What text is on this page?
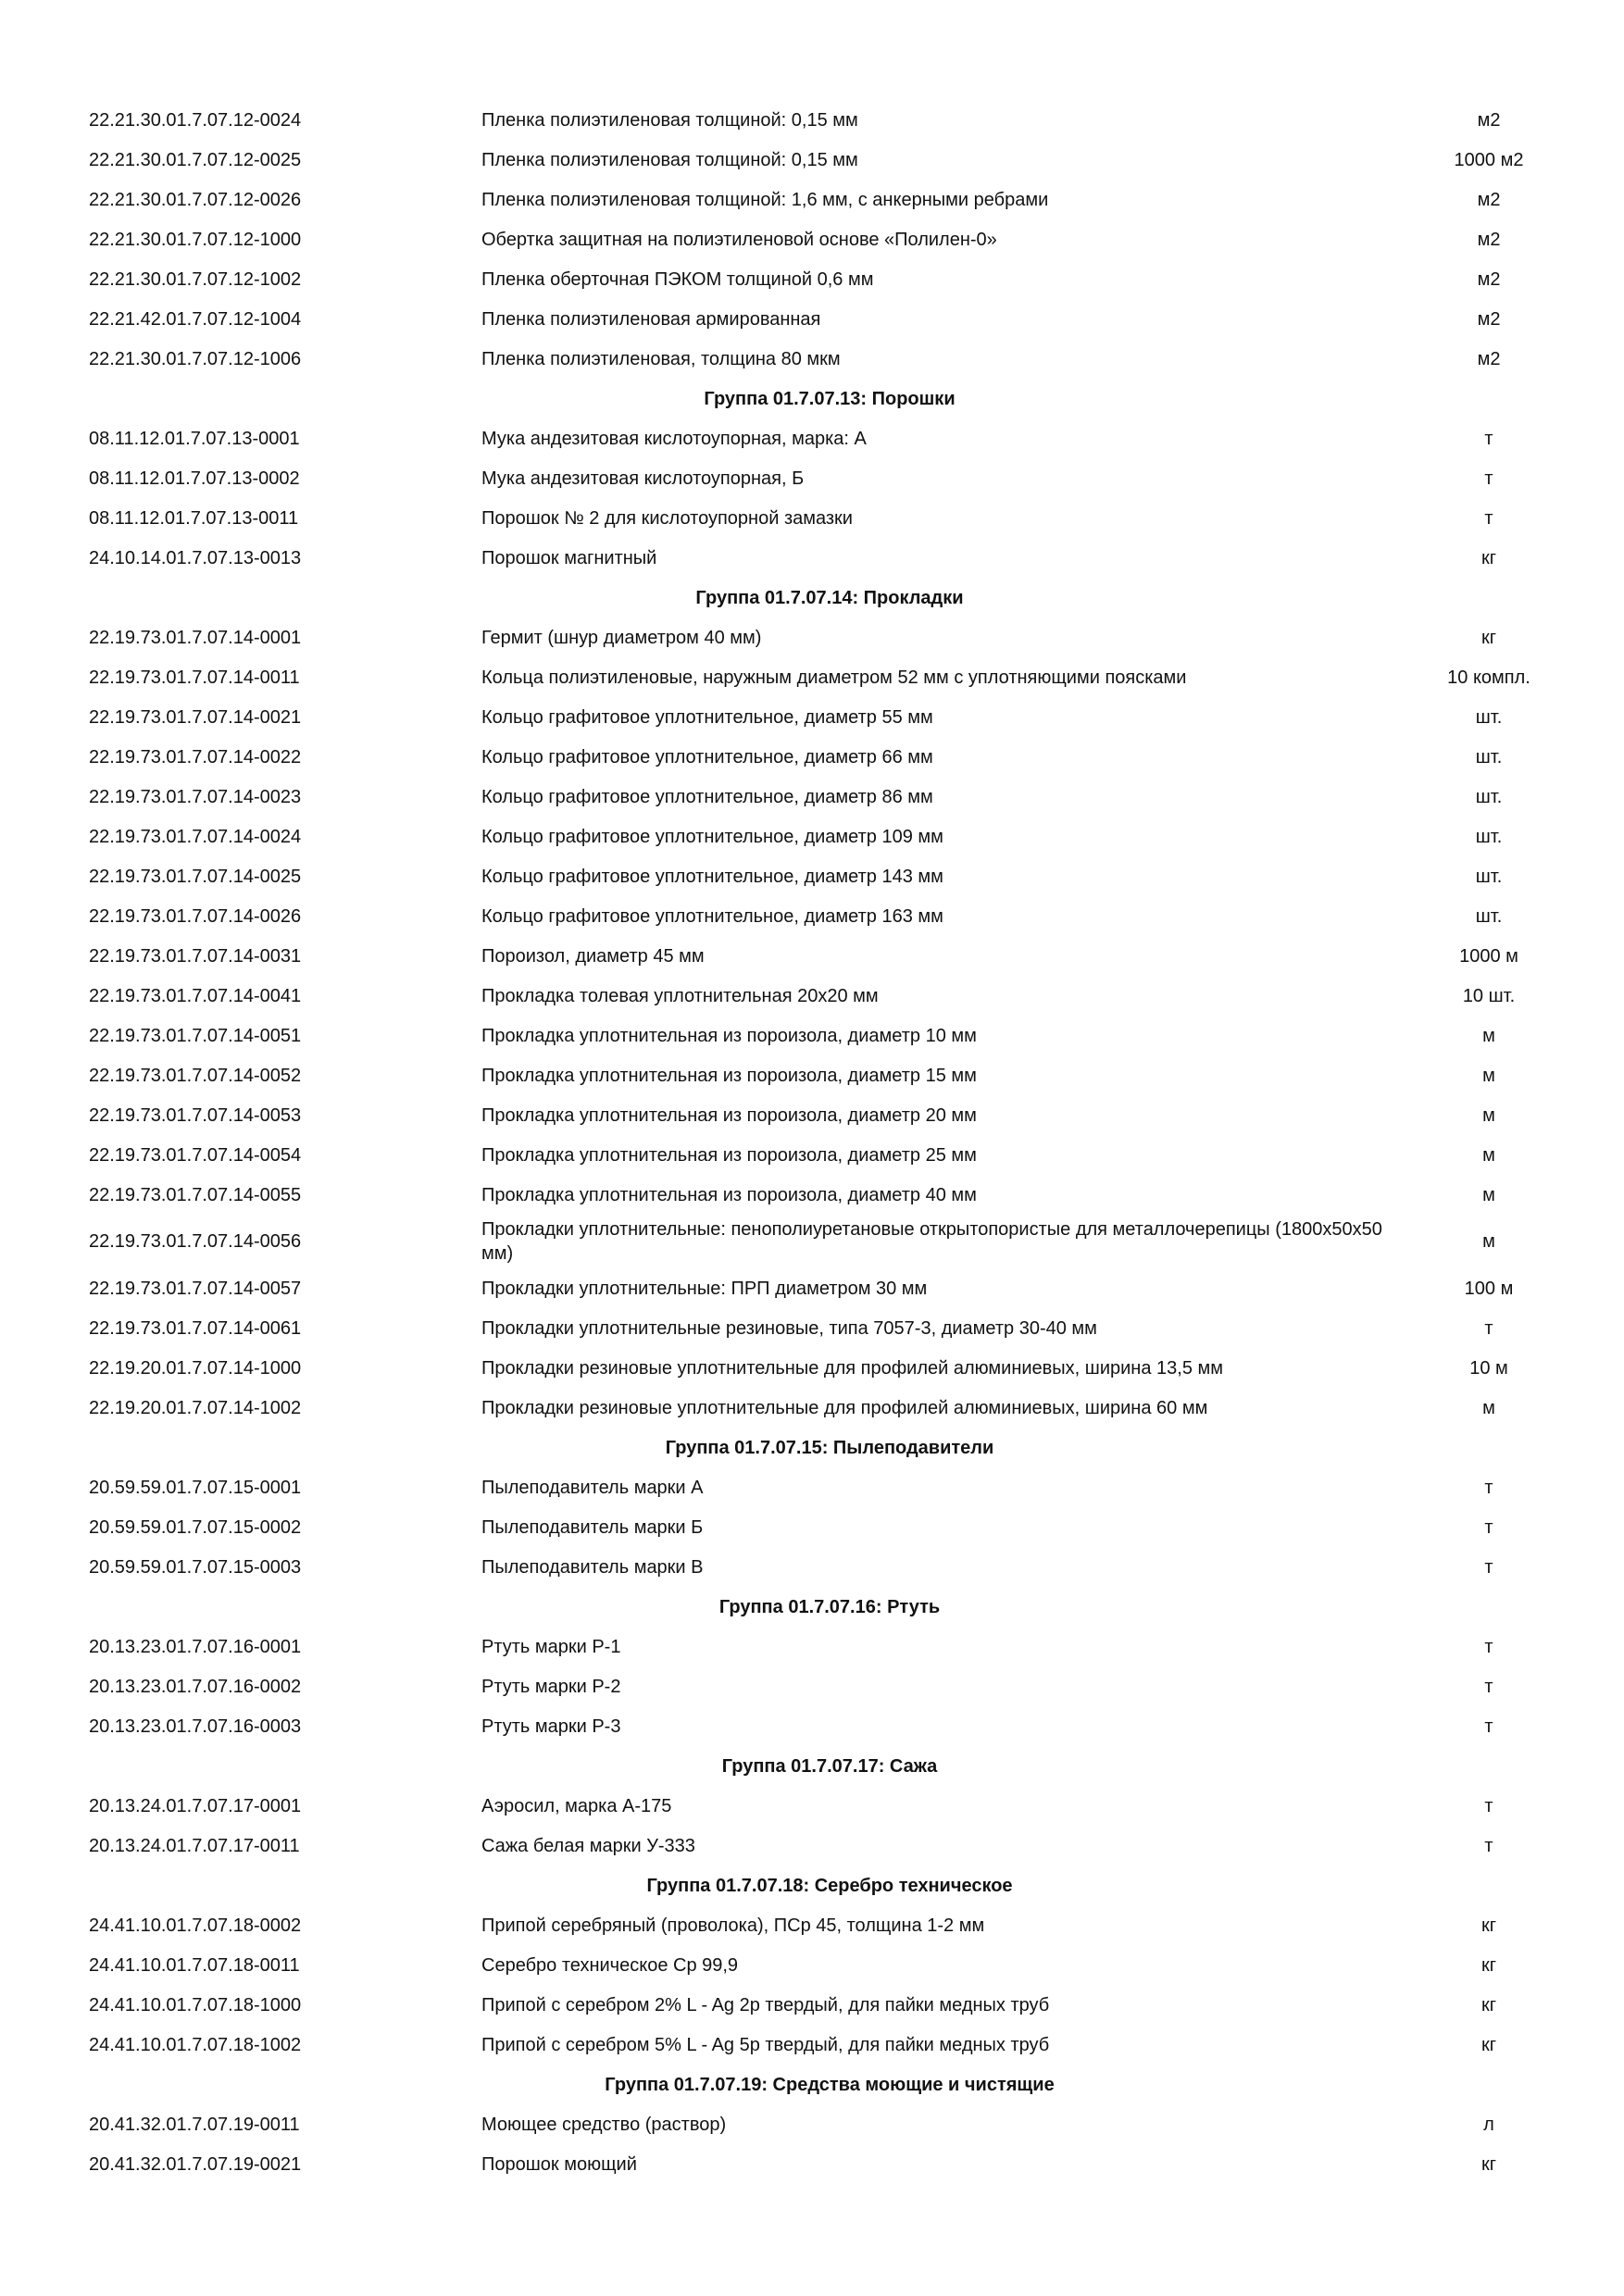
22.21.30.01.7.07.12-0024	Пленка полиэтиленовая толщиной: 0,15 мм	м2
22.21.30.01.7.07.12-0025	Пленка полиэтиленовая толщиной: 0,15 мм	1000 м2
22.21.30.01.7.07.12-0026	Пленка полиэтиленовая толщиной: 1,6 мм, с анкерными ребрами	м2
22.21.30.01.7.07.12-1000	Обертка защитная на полиэтиленовой основе «Полилен-0»	м2
22.21.30.01.7.07.12-1002	Пленка оберточная ПЭКОМ толщиной 0,6 мм	м2
22.21.42.01.7.07.12-1004	Пленка полиэтиленовая армированная	м2
22.21.30.01.7.07.12-1006	Пленка полиэтиленовая, толщина 80 мкм	м2
Группа 01.7.07.13: Порошки		
08.11.12.01.7.07.13-0001	Мука андезитовая кислотоупорная, марка: А	т
08.11.12.01.7.07.13-0002	Мука андезитовая кислотоупорная, Б	т
08.11.12.01.7.07.13-0011	Порошок № 2 для кислотоупорной замазки	т
24.10.14.01.7.07.13-0013	Порошок магнитный	кг
Группа 01.7.07.14: Прокладки		
22.19.73.01.7.07.14-0001	Гермит (шнур диаметром 40 мм)	кг
22.19.73.01.7.07.14-0011	Кольца полиэтиленовые, наружным диаметром 52 мм с уплотняющими поясками	10 компл.
22.19.73.01.7.07.14-0021	Кольцо графитовое уплотнительное, диаметр 55 мм	шт.
22.19.73.01.7.07.14-0022	Кольцо графитовое уплотнительное, диаметр 66 мм	шт.
22.19.73.01.7.07.14-0023	Кольцо графитовое уплотнительное, диаметр 86 мм	шт.
22.19.73.01.7.07.14-0024	Кольцо графитовое уплотнительное, диаметр 109 мм	шт.
22.19.73.01.7.07.14-0025	Кольцо графитовое уплотнительное, диаметр 143 мм	шт.
22.19.73.01.7.07.14-0026	Кольцо графитовое уплотнительное, диаметр 163 мм	шт.
22.19.73.01.7.07.14-0031	Пороизол, диаметр 45 мм	1000 м
22.19.73.01.7.07.14-0041	Прокладка толевая уплотнительная 20х20 мм	10 шт.
22.19.73.01.7.07.14-0051	Прокладка уплотнительная из пороизола, диаметр 10 мм	м
22.19.73.01.7.07.14-0052	Прокладка уплотнительная из пороизола, диаметр 15 мм	м
22.19.73.01.7.07.14-0053	Прокладка уплотнительная из пороизола, диаметр 20 мм	м
22.19.73.01.7.07.14-0054	Прокладка уплотнительная из пороизола, диаметр 25 мм	м
22.19.73.01.7.07.14-0055	Прокладка уплотнительная из пороизола, диаметр 40 мм	м
22.19.73.01.7.07.14-0056	Прокладки уплотнительные: пенополиуретановые открытопористые для металлочерепицы (1800х50х50 мм)	м
22.19.73.01.7.07.14-0057	Прокладки уплотнительные: ПРП диаметром 30 мм	100 м
22.19.73.01.7.07.14-0061	Прокладки уплотнительные резиновые, типа 7057-3, диаметр 30-40 мм	т
22.19.20.01.7.07.14-1000	Прокладки резиновые уплотнительные для профилей алюминиевых, ширина 13,5 мм	10 м
22.19.20.01.7.07.14-1002	Прокладки резиновые уплотнительные для профилей алюминиевых, ширина 60 мм	м
Группа 01.7.07.15: Пылеподавители		
20.59.59.01.7.07.15-0001	Пылеподавитель марки А	т
20.59.59.01.7.07.15-0002	Пылеподавитель марки Б	т
20.59.59.01.7.07.15-0003	Пылеподавитель марки В	т
Группа 01.7.07.16: Ртуть		
20.13.23.01.7.07.16-0001	Ртуть марки Р-1	т
20.13.23.01.7.07.16-0002	Ртуть марки Р-2	т
20.13.23.01.7.07.16-0003	Ртуть марки Р-3	т
Группа 01.7.07.17: Сажа		
20.13.24.01.7.07.17-0001	Аэросил, марка А-175	т
20.13.24.01.7.07.17-0011	Сажа белая марки У-333	т
Группа 01.7.07.18: Серебро техническое		
24.41.10.01.7.07.18-0002	Припой серебряный (проволока), ПСр 45, толщина 1-2 мм	кг
24.41.10.01.7.07.18-0011	Серебро техническое Ср 99,9	кг
24.41.10.01.7.07.18-1000	Припой с серебром 2% L - Ag 2p твердый, для пайки медных труб	кг
24.41.10.01.7.07.18-1002	Припой с серебром 5% L - Ag 5p твердый, для пайки медных труб	кг
Группа 01.7.07.19: Средства моющие и чистящие		
20.41.32.01.7.07.19-0011	Моющее средство (раствор)	л
20.41.32.01.7.07.19-0021	Порошок моющий	кг
